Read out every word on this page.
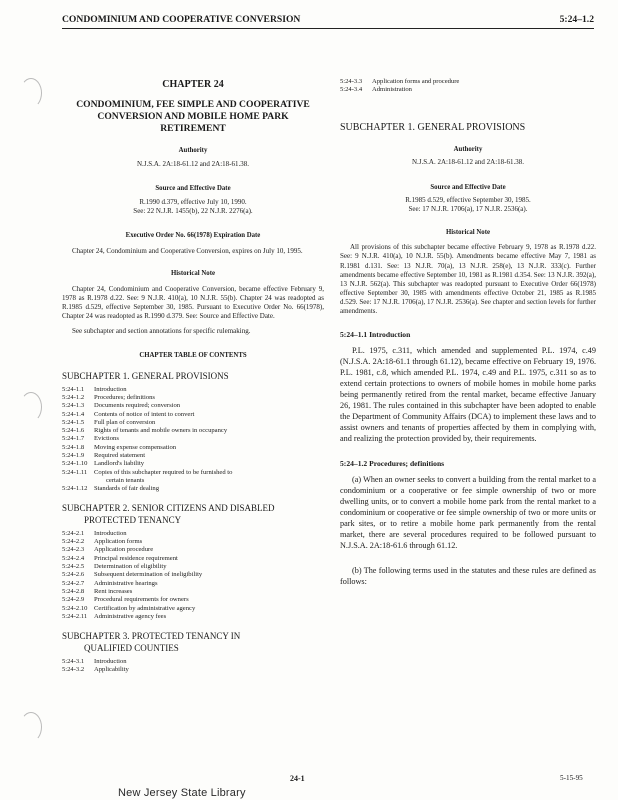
CONDOMINIUM AND COOPERATIVE CONVERSION	5:24–1.2
CHAPTER 24
CONDOMINIUM, FEE SIMPLE AND COOPERATIVE
CONVERSION AND MOBILE HOME PARK
RETIREMENT
Authority
N.J.S.A. 2A:18-61.12 and 2A:18-61.38.
Source and Effective Date
R.1990 d.379, effective July 10, 1990.
See: 22 N.J.R. 1455(b), 22 N.J.R. 2276(a).
Executive Order No. 66(1978) Expiration Date
Chapter 24, Condominium and Cooperative Conversion, expires on July 10, 1995.
Historical Note
Chapter 24, Condominium and Cooperative Conversion, became effective February 9, 1978 as R.1978 d.22. See: 9 N.J.R. 410(a), 10 N.J.R. 55(b). Chapter 24 was readopted as R.1985 d.529, effective September 30, 1985. Pursuant to Executive Order No. 66(1978), Chapter 24 was readopted as R.1990 d.379. See: Source and Effective Date.
See subchapter and section annotations for specific rulemaking.
CHAPTER TABLE OF CONTENTS
SUBCHAPTER 1. GENERAL PROVISIONS
5:24-1.1	Introduction
5:24-1.2	Procedures; definitions
5:24-1.3	Documents required; conversion
5:24-1.4	Contents of notice of intent to convert
5:24-1.5	Full plan of conversion
5:24-1.6	Rights of tenants and mobile owners in occupancy
5:24-1.7	Evictions
5:24-1.8	Moving expense compensation
5:24-1.9	Required statement
5:24-1.10 Landlord's liability
5:24-1.11	Copies of this subchapter required to be furnished to
certain tenants
5:24-1.12 Standards of fair dealing
SUBCHAPTER 2. SENIOR CITIZENS AND DISABLED
PROTECTED TENANCY
5:24-2.1	Introduction
5:24-2.2	Application forms
5:24-2.3	Application procedure
5:24-2.4	Principal residence requirement
5:24-2.5	Determination of eligibility
5:24-2.6	Subsequent determination of ineligibility
5:24-2.7	Administrative hearings
5:24-2.8	Rent increases
5:24-2.9	Procedural requirements for owners
5:24-2.10 Certification by administrative agency
5:24-2.11	Administrative agency fees
SUBCHAPTER 3. PROTECTED TENANCY IN
QUALIFIED COUNTIES
5:24-3.1	Introduction
5:24-3.2	Applicability
5:24-3.3	Application forms and procedure
5:24-3.4	Administration
SUBCHAPTER 1. GENERAL PROVISIONS
Authority
N.J.S.A. 2A:18-61.12 and 2A:18-61.38.
Source and Effective Date
R.1985 d.529, effective September 30, 1985.
See: 17 N.J.R. 1706(a), 17 N.J.R. 2536(a).
Historical Note
All provisions of this subchapter became effective February 9, 1978 as R.1978 d.22. See: 9 N.J.R. 410(a), 10 N.J.R. 55(b). Amendments became effective May 7, 1981 as R.1981 d.131. See: 13 N.J.R. 70(a), 13 N.J.R. 258(e), 13 N.J.R. 333(c). Further amendments became effective September 10, 1981 as R.1981 d.354. See: 13 N.J.R. 392(a), 13 N.J.R. 562(a). This subchapter was readopted pursuant to Executive Order 66(1978) effective September 30, 1985 with amendments effective October 21, 1985 as R.1985 d.529. See: 17 N.J.R. 1706(a), 17 N.J.R. 2536(a). See chapter and section levels for further amendments.
5:24–1.1 Introduction
P.L. 1975, c.311, which amended and supplemented P.L. 1974, c.49 (N.J.S.A. 2A:18-61.1 through 61.12), became effective on February 19, 1976. P.L. 1981, c.8, which amended P.L. 1974, c.49 and P.L. 1975, c.311 so as to extend certain protections to owners of mobile homes in mobile home parks being permanently retired from the rental market, became effective January 26, 1981. The rules contained in this subchapter have been adopted to enable the Department of Community Affairs (DCA) to implement these laws and to assist owners and tenants of properties affected by them in complying with, and realizing the protection provided by, their requirements.
5:24–1.2 Procedures; definitions
(a) When an owner seeks to convert a building from the rental market to a condominium or a cooperative or fee simple ownership of two or more dwelling units, or to convert a mobile home park from the rental market to a condominium or cooperative or fee simple ownership of two or more units or park sites, or to retire a mobile home park permanently from the rental market, there are several procedures required to be followed pursuant to N.J.S.A. 2A:18-61.6 through 61.12.
(b) The following terms used in the statutes and these rules are defined as follows:
24-1	5-15-95
New Jersey State Library
